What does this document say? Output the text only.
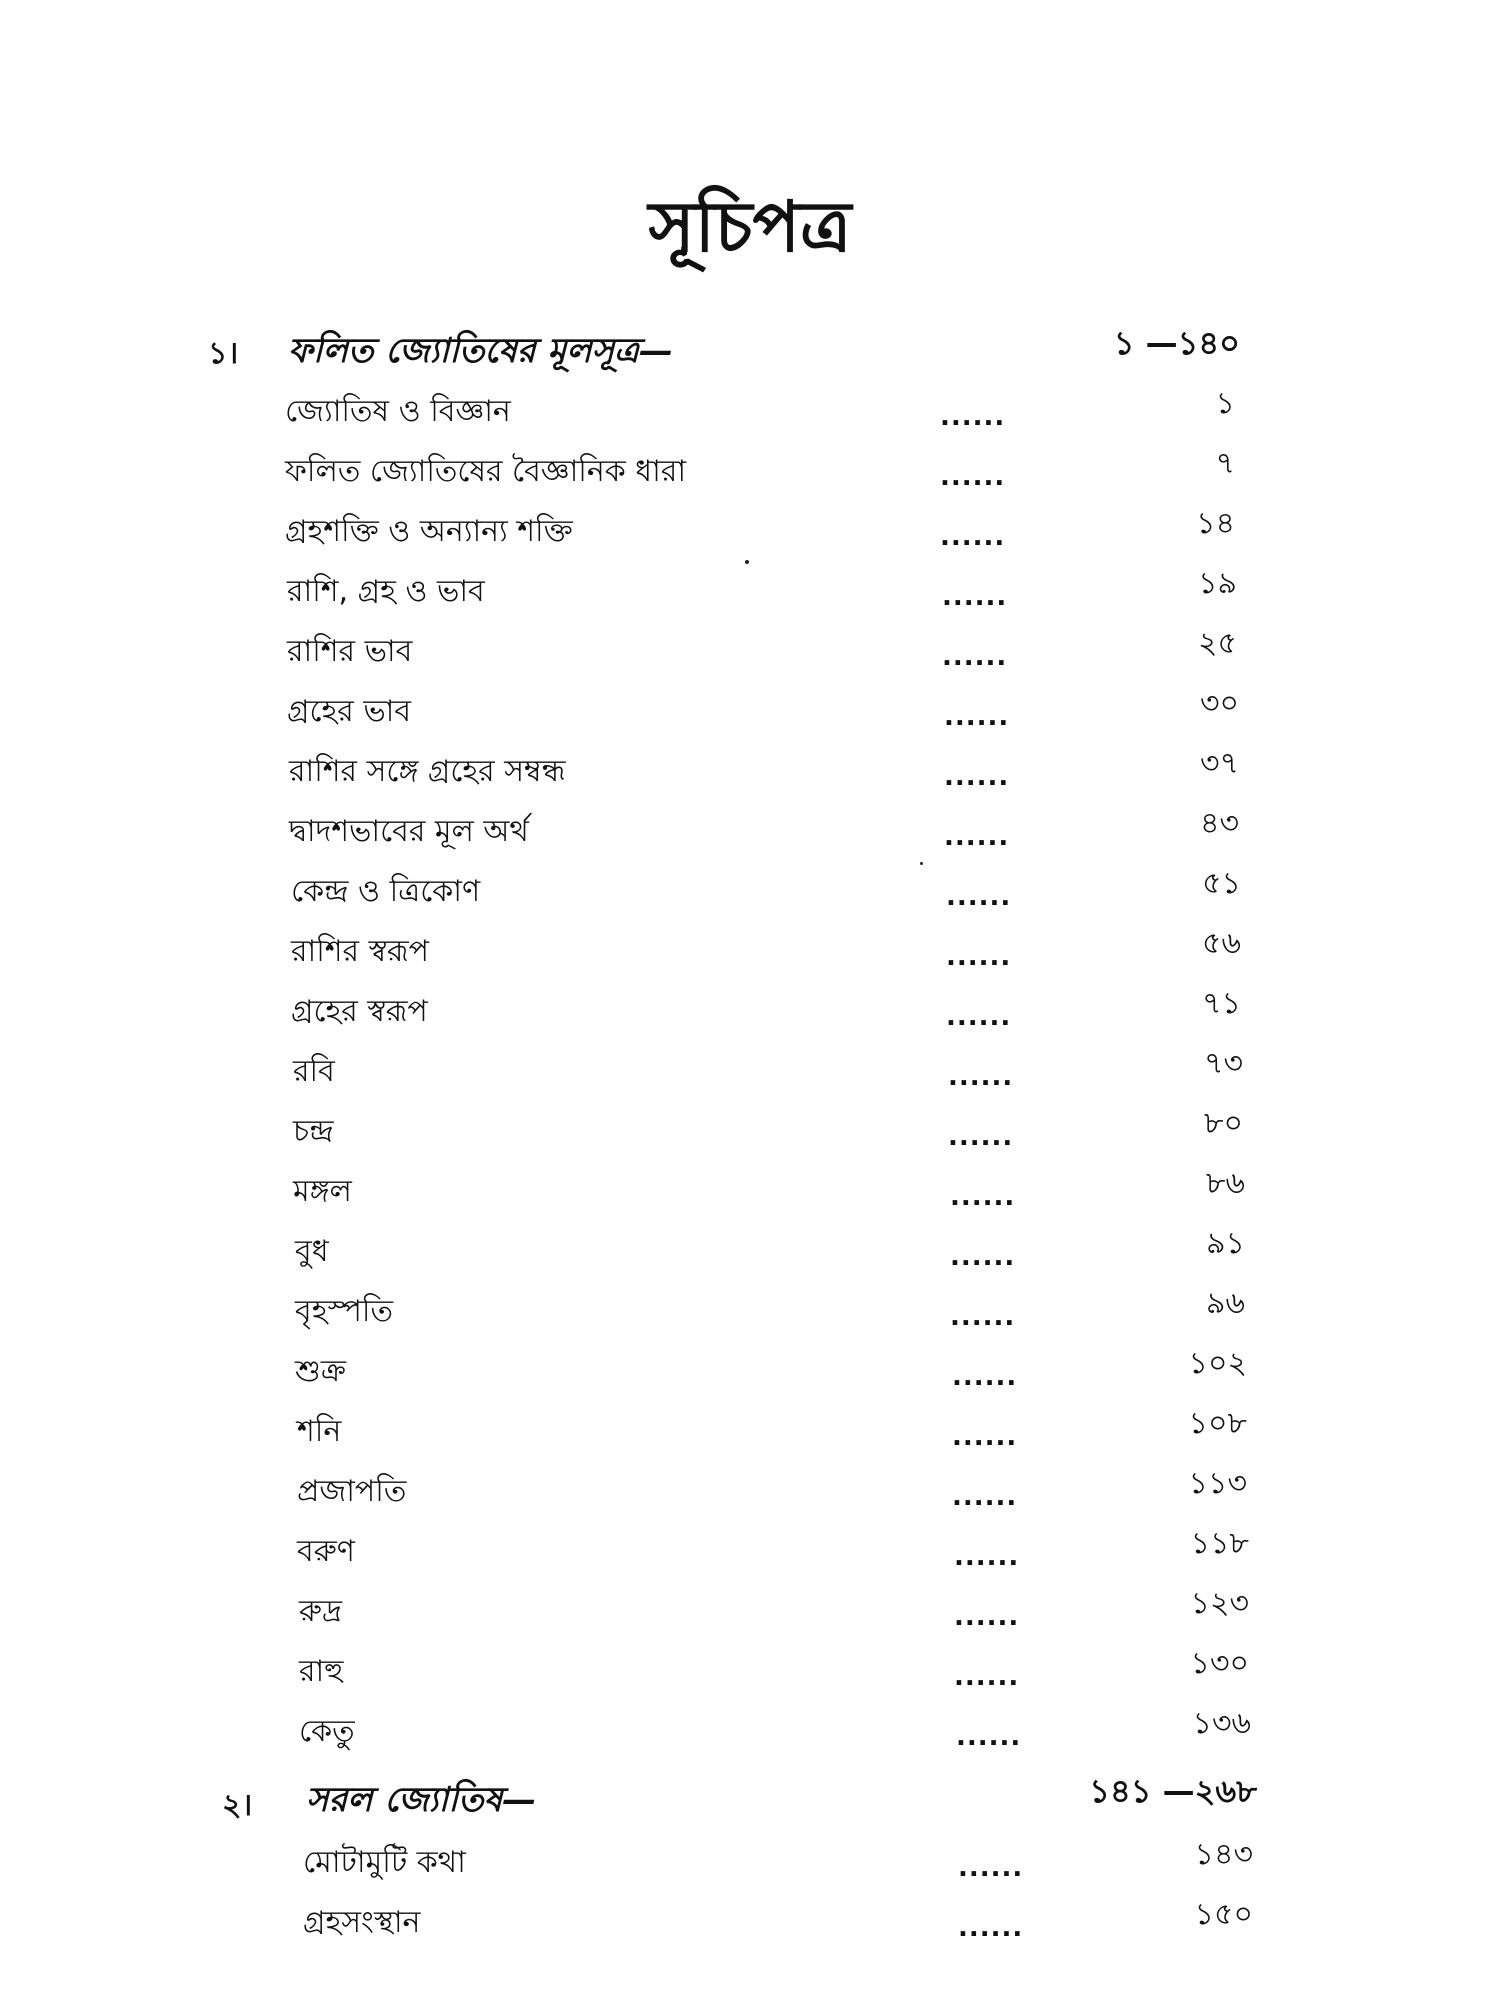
সূচিপত্র
১। ফলিত জ্যোতিষের মূলসূত্র—	১ —১৪০
জ্যোতিষ ও বিজ্ঞান	......	১
ফলিত জ্যোতিষের বৈজ্ঞানিক ধারা	......	৭
গ্রহশক্তি ও অন্যান্য শক্তি	......	১৪
রাশি, গ্রহ ও ভাব	......	১৯
রাশির ভাব	......	২৫
গ্রহের ভাব	......	৩০
রাশির সঙ্গে গ্রহের সম্বন্ধ	......	৩৭
দ্বাদশভাবের মূল অর্থ	......	৪৩
কেন্দ্র ও ত্রিকোণ	......	৫১
রাশির স্বরূপ	......	৫৬
গ্রহের স্বরূপ	......	৭১
রবি	......	৭৩
চন্দ্র	......	৮০
মঙ্গল	......	৮৬
বুধ	......	৯১
বৃহস্পতি	......	৯৬
শুক্র	......	১০২
শনি	......	১০৮
প্রজাপতি	......	১১৩
বরুণ	......	১১৮
রুদ্র	......	১২৩
রাহু	......	১৩০
কেতু	......	১৩৬
২। সরল জ্যোতিষ—	১৪১ —২৬৮
মোটামুটি কথা	......	১৪৩
গ্রহসংস্থান	......	১৫০
